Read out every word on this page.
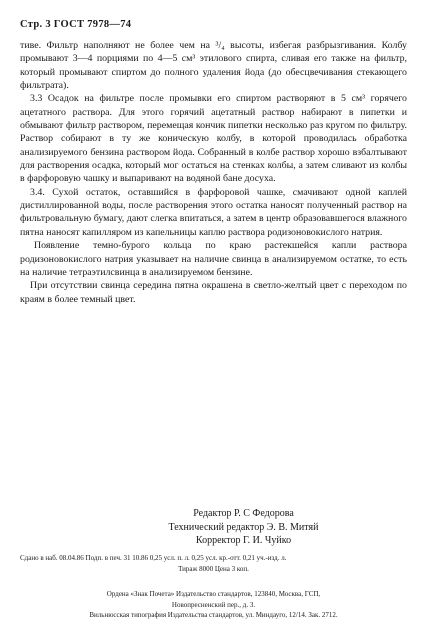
Стр. 3 ГОСТ 7978—74

тиве. Фильтр наполняют не более чем на ³/₄ высоты, избегая разбрызгивания. Колбу промывают 3—4 порциями по 4—5 см³ этилового спирта, сливая его также на фильтр, который промывают спиртом до полного удаления йода (до обесцвечивания стекающего фильтрата).

3.3 Осадок на фильтре после промывки его спиртом растворяют в 5 см³ горячего ацетатного раствора. Для этого горячий ацетатный раствор набирают в пипетки и обмывают фильтр раствором, перемещая кончик пипетки несколько раз кругом по фильтру. Раствор собирают в ту же коническую колбу, в которой проводилась обработка анализируемого бензина раствором йода. Собранный в колбе раствор хорошо взбалтывают для растворения осадка, который мог остаться на стенках колбы, а затем сливают из колбы в фарфоровую чашку и выпаривают на водяной бане досуха.

3.4. Сухой остаток, оставшийся в фарфоровой чашке, смачивают одной каплей дистиллированной воды, после растворения этого остатка наносят полученный раствор на фильтровальную бумагу, дают слегка впитаться, а затем в центр образовавшегося влажного пятна наносят капилляром из капельницы каплю раствора родизоновокислого натрия.

Появление темно-бурого кольца по краю растекшейся капли раствора родизоновокислого натрия указывает на наличие свинца в анализируемом остатке, то есть на наличие тетраэтилсвинца в анализируемом бензине.

При отсутствии свинца середина пятна окрашена в светло-желтый цвет с переходом по краям в более темный цвет.

Редактор Р. С Федорова
Технический редактор Э. В. Митяй
Корректор Г. И. Чуйко
Сдано в наб. 08.04.86 Подп. в печ. 31 10.86 0,25 усл. п. л. 0,25 усл. кр.-отт. 0,21 уч.-изд. л.
Тираж 8000 Цена 3 коп.
Ордена «Знак Почета» Издательство стандартов, 123840, Москва, ГСП,
Новопресненский пер., д. 3.
Вильнюсская типография Издательства стандартов, ул. Миндауго, 12/14. Зак. 2712.
